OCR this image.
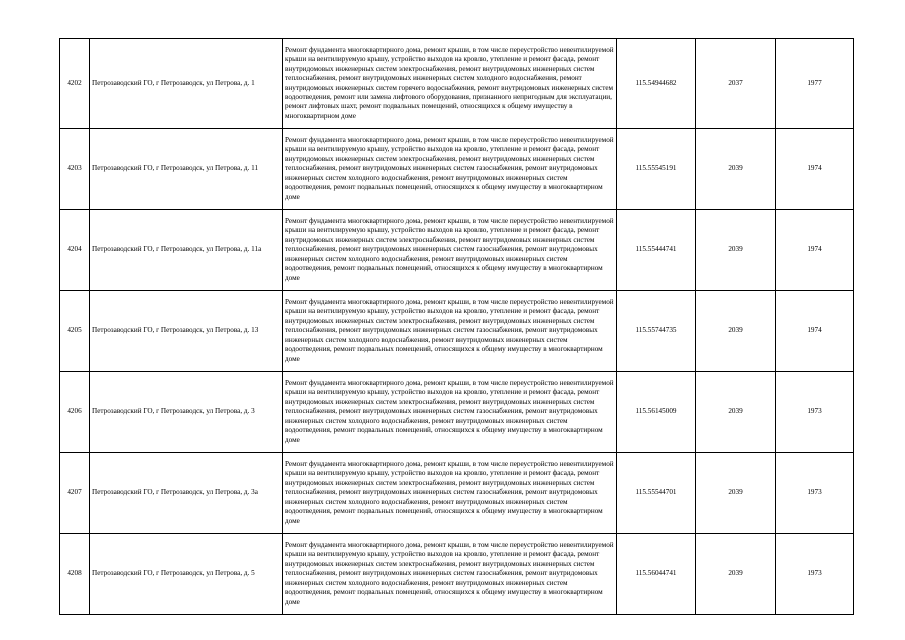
4202	Петрозаводский ГО, г Петрозаводск, ул Петрова, д. 1	Ремонт фундамента многоквартирного дома, ремонт крыши, в том числе переустройство невентилируемой крыши на вентилируемую крышу, устройство выходов на кровлю, утепление и ремонт фасада, ремонт внутридомовых инженерных систем электроснабжения, ремонт внутридомовых инженерных систем теплоснабжения, ремонт внутридомовых инженерных систем холодного водоснабжения, ремонт внутридомовых инженерных систем горячего водоснабжения, ремонт внутридомовых инженерных систем водоотведения, ремонт или замена лифтового оборудования, признанного непригодным для эксплуатации, ремонт лифтовых шахт, ремонт подвальных помещений, относящихся к общему имуществу в многоквартирном доме	115.54944682	2037	1977
4203	Петрозаводский ГО, г Петрозаводск, ул Петрова, д. 11	Ремонт фундамента многоквартирного дома, ремонт крыши, в том числе переустройство невентилируемой крыши на вентилируемую крышу, устройство выходов на кровлю, утепление и ремонт фасада, ремонт внутридомовых инженерных систем электроснабжения, ремонт внутридомовых инженерных систем теплоснабжения, ремонт внутридомовых инженерных систем газоснабжения, ремонт внутридомовых инженерных систем холодного водоснабжения, ремонт внутридомовых инженерных систем водоотведения, ремонт подвальных помещений, относящихся к общему имуществу в многоквартирном доме	115.55545191	2039	1974
4204	Петрозаводский ГО, г Петрозаводск, ул Петрова, д. 11а	Ремонт фундамента многоквартирного дома, ремонт крыши, в том числе переустройство невентилируемой крыши на вентилируемую крышу, устройство выходов на кровлю, утепление и ремонт фасада, ремонт внутридомовых инженерных систем электроснабжения, ремонт внутридомовых инженерных систем теплоснабжения, ремонт внутридомовых инженерных систем газоснабжения, ремонт внутридомовых инженерных систем холодного водоснабжения, ремонт внутридомовых инженерных систем водоотведения, ремонт подвальных помещений, относящихся к общему имуществу в многоквартирном доме	115.55444741	2039	1974
4205	Петрозаводский ГО, г Петрозаводск, ул Петрова, д. 13	Ремонт фундамента многоквартирного дома, ремонт крыши, в том числе переустройство невентилируемой крыши на вентилируемую крышу, устройство выходов на кровлю, утепление и ремонт фасада, ремонт внутридомовых инженерных систем электроснабжения, ремонт внутридомовых инженерных систем теплоснабжения, ремонт внутридомовых инженерных систем газоснабжения, ремонт внутридомовых инженерных систем холодного водоснабжения, ремонт внутридомовых инженерных систем водоотведения, ремонт подвальных помещений, относящихся к общему имуществу в многоквартирном доме	115.55744735	2039	1974
4206	Петрозаводский ГО, г Петрозаводск, ул Петрова, д. 3	Ремонт фундамента многоквартирного дома, ремонт крыши, в том числе переустройство невентилируемой крыши на вентилируемую крышу, устройство выходов на кровлю, утепление и ремонт фасада, ремонт внутридомовых инженерных систем электроснабжения, ремонт внутридомовых инженерных систем теплоснабжения, ремонт внутридомовых инженерных систем газоснабжения, ремонт внутридомовых инженерных систем холодного водоснабжения, ремонт внутридомовых инженерных систем водоотведения, ремонт подвальных помещений, относящихся к общему имуществу в многоквартирном доме	115.56145009	2039	1973
4207	Петрозаводский ГО, г Петрозаводск, ул Петрова, д. 3а	Ремонт фундамента многоквартирного дома, ремонт крыши, в том числе переустройство невентилируемой крыши на вентилируемую крышу, устройство выходов на кровлю, утепление и ремонт фасада, ремонт внутридомовых инженерных систем электроснабжения, ремонт внутридомовых инженерных систем теплоснабжения, ремонт внутридомовых инженерных систем газоснабжения, ремонт внутридомовых инженерных систем холодного водоснабжения, ремонт внутридомовых инженерных систем водоотведения, ремонт подвальных помещений, относящихся к общему имуществу в многоквартирном доме	115.55544701	2039	1973
4208	Петрозаводский ГО, г Петрозаводск, ул Петрова, д. 5	Ремонт фундамента многоквартирного дома, ремонт крыши, в том числе переустройство невентилируемой крыши на вентилируемую крышу, устройство выходов на кровлю, утепление и ремонт фасада, ремонт внутридомовых инженерных систем электроснабжения, ремонт внутридомовых инженерных систем теплоснабжения, ремонт внутридомовых инженерных систем газоснабжения, ремонт внутридомовых инженерных систем холодного водоснабжения, ремонт внутридомовых инженерных систем водоотведения, ремонт подвальных помещений, относящихся к общему имуществу в многоквартирном доме	115.56044741	2039	1973
